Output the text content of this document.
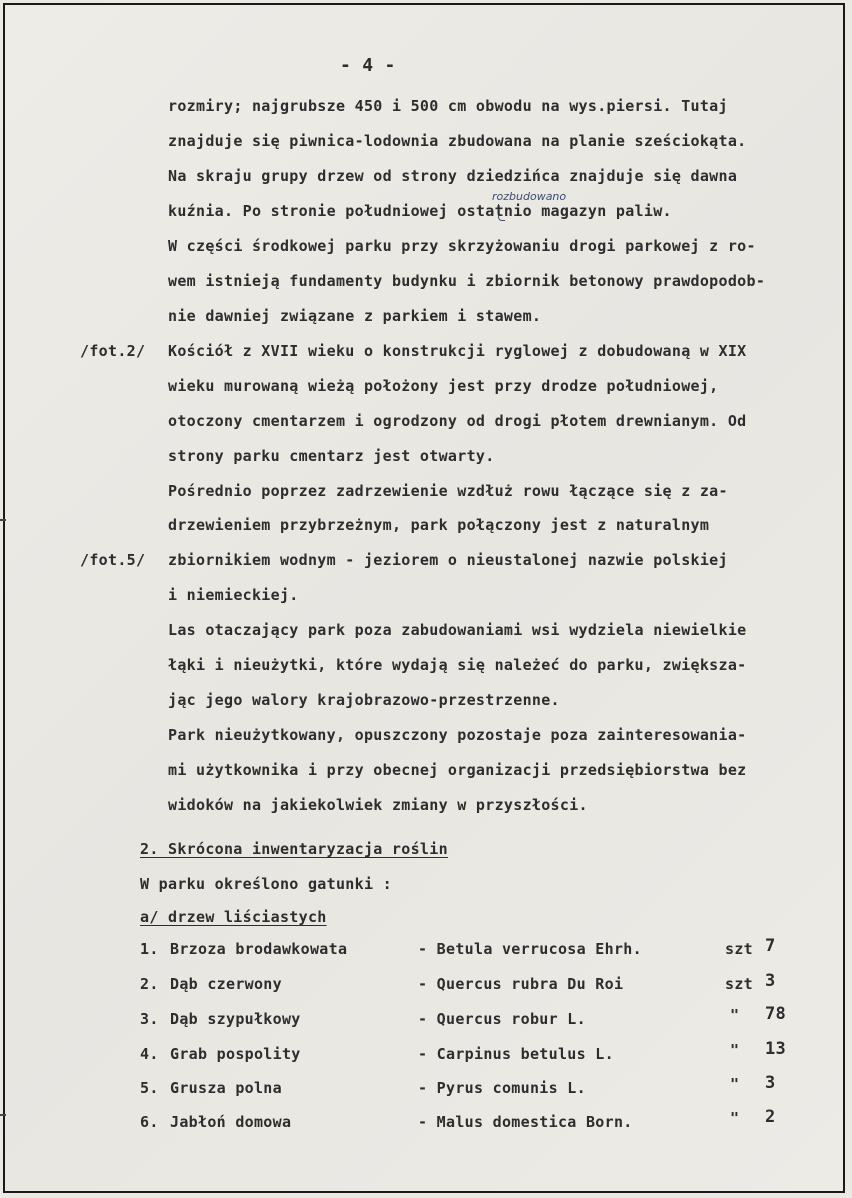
- 4 -
rozmiry; najgrubsze 450 i 500 cm obwodu na wys.piersi. Tutaj
znajduje się piwnica-lodownia zbudowana na planie sześciokąta.
Na skraju grupy drzew od strony dziedzińca znajduje się dawna
rozbudowano
kuźnia. Po stronie południowej ostatnio magazyn paliw.
W części środkowej parku przy skrzyżowaniu drogi parkowej z ro-
wem istnieją fundamenty budynku i zbiornik betonowy prawdopodob-
nie dawniej związane z parkiem i stawem.
/fot.2/ Kościół z XVII wieku o konstrukcji ryglowej z dobudowaną w XIX
wieku murowaną wieżą położony jest przy drodze południowej,
otoczony cmentarzem i ogrodzony od drogi płotem drewnianym. Od
strony parku cmentarz jest otwarty.
Pośrednio poprzez zadrzewienie wzdłuż rowu łączące się z za-
drzewieniem przybrzeżnym, park połączony jest z naturalnym
/fot.5/ zbiornikiem wodnym - jeziorem o nieustalonej nazwie polskiej
i niemieckiej.
Las otaczający park poza zabudowaniami wsi wydziela niewielkie
łąki i nieużytki, które wydają się należeć do parku, zwiększa-
jąc jego walory krajobrazowo-przestrzenne.
Park nieużytkowany, opuszczony pozostaje poza zainteresowania-
mi użytkownika i przy obecnej organizacji przedsiębiorstwa bez
widoków na jakiekolwiek zmiany w przyszłości.
2. Skrócona inwentaryzacja roślin
W parku określono gatunki :
a/ drzew liściastych
1. Brzoza brodawkowata	- Betula verrucosa Ehrh.	szt 7
2. Dąb czerwony	- Quercus rubra Du Roi	szt 3
3. Dąb szypułkowy	- Quercus robur L.	" 78
4. Grab pospolity	- Carpinus betulus L.	" 13
5. Grusza polna	- Pyrus comunis L.	" 3
6. Jabłoń domowa	- Malus domestica Born.	" 2
